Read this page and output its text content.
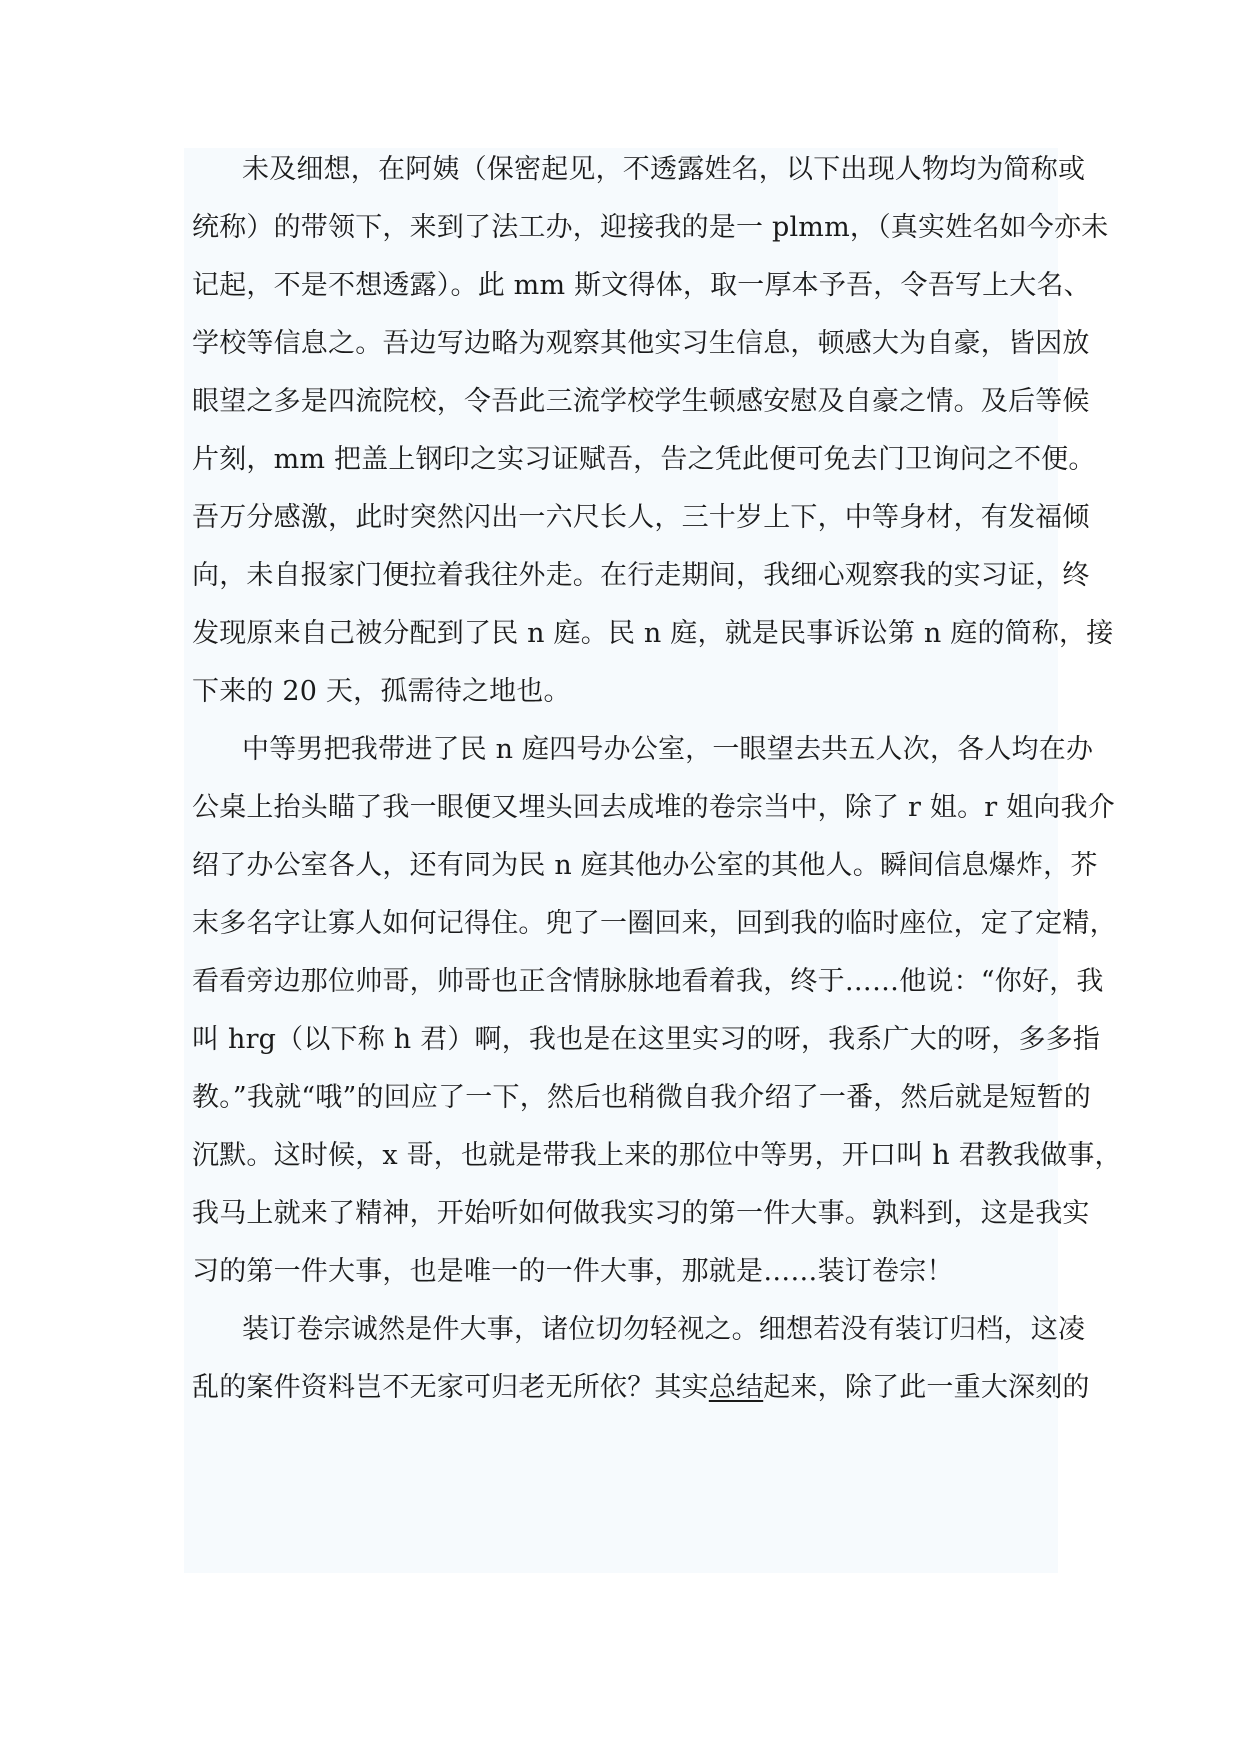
未及细想，在阿姨（保密起见，不透露姓名，以下出现人物均为简称或
统称）的带领下，来到了法工办，迎接我的是一 plmm，（真实姓名如今亦未
记起，不是不想透露）。此 mm 斯文得体，取一厚本予吾，令吾写上大名、
学校等信息之。吾边写边略为观察其他实习生信息，顿感大为自豪，皆因放
眼望之多是四流院校，令吾此三流学校学生顿感安慰及自豪之情。及后等候
片刻，mm 把盖上钢印之实习证赋吾，告之凭此便可免去门卫询问之不便。
吾万分感激，此时突然闪出一六尺长人，三十岁上下，中等身材，有发福倾
向，未自报家门便拉着我往外走。在行走期间，我细心观察我的实习证，终
发现原来自己被分配到了民 n 庭。民 n 庭，就是民事诉讼第 n 庭的简称，接
下来的 20 天，孤需待之地也。
中等男把我带进了民 n 庭四号办公室，一眼望去共五人次，各人均在办
公桌上抬头瞄了我一眼便又埋头回去成堆的卷宗当中，除了 r 姐。r 姐向我介
绍了办公室各人，还有同为民 n 庭其他办公室的其他人。瞬间信息爆炸，芥
末多名字让寡人如何记得住。兜了一圈回来，回到我的临时座位，定了定精，
看看旁边那位帅哥，帅哥也正含情脉脉地看着我，终于……他说：“你好，我
叫 hrg（以下称 h 君）啊，我也是在这里实习的呀，我系广大的呀，多多指
教。”我就“哦”的回应了一下，然后也稍微自我介绍了一番，然后就是短暂的
沉默。这时候，x 哥，也就是带我上来的那位中等男，开口叫 h 君教我做事，
我马上就来了精神，开始听如何做我实习的第一件大事。孰料到，这是我实
习的第一件大事，也是唯一的一件大事，那就是……装订卷宗！
装订卷宗诚然是件大事，诸位切勿轻视之。细想若没有装订归档，这凌
乱的案件资料岂不无家可归老无所依？其实总结起来，除了此一重大深刻的
